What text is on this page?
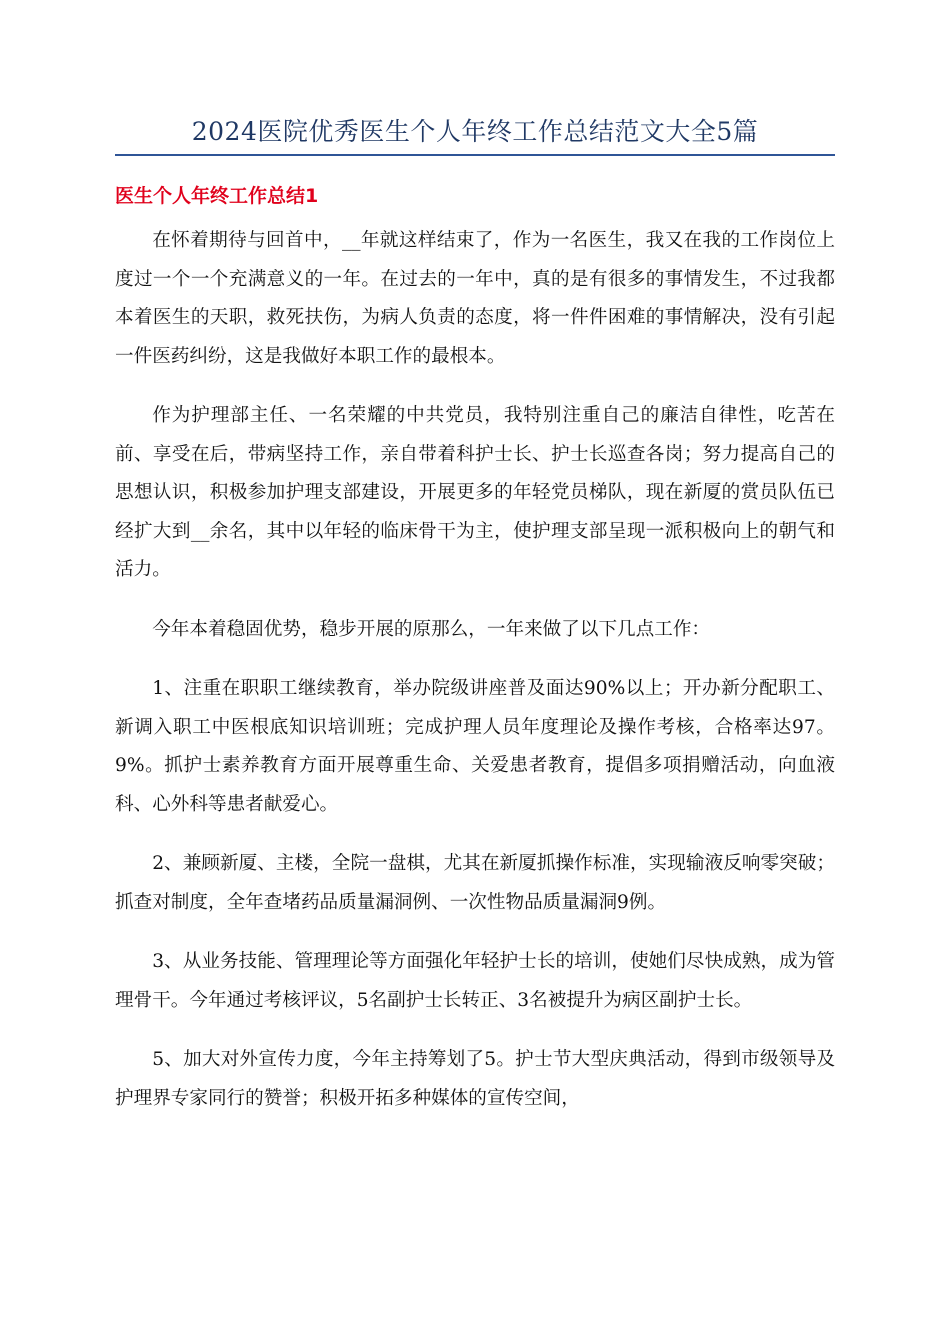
2024医院优秀医生个人年终工作总结范文大全5篇
医生个人年终工作总结1

在怀着期待与回首中，__年就这样结束了，作为一名医生，我又在我的工作岗位上度过一个一个充满意义的一年。在过去的一年中，真的是有很多的事情发生，不过我都本着医生的天职，救死扶伤，为病人负责的态度，将一件件困难的事情解决，没有引起一件医药纠纷，这是我做好本职工作的最根本。

作为护理部主任、一名荣耀的中共党员，我特别注重自己的廉洁自律性，吃苦在前、享受在后，带病坚持工作，亲自带着科护士长、护士长巡查各岗；努力提高自己的思想认识，积极参加护理支部建设，开展更多的年轻党员梯队，现在新厦的赏员队伍已经扩大到__余名，其中以年轻的临床骨干为主，使护理支部呈现一派积极向上的朝气和活力。

今年本着稳固优势，稳步开展的原那么，一年来做了以下几点工作：

1、注重在职职工继续教育，举办院级讲座普及面达90%以上；开办新分配职工、新调入职工中医根底知识培训班；完成护理人员年度理论及操作考核，合格率达97。9%。抓护士素养教育方面开展尊重生命、关爱患者教育，提倡多项捐赠活动，向血液科、心外科等患者献爱心。

2、兼顾新厦、主楼，全院一盘棋，尤其在新厦抓操作标准，实现输液反响零突破；抓查对制度，全年查堵药品质量漏洞例、一次性物品质量漏洞9例。

3、从业务技能、管理理论等方面强化年轻护士长的培训，使她们尽快成熟，成为管理骨干。今年通过考核评议，5名副护士长转正、3名被提升为病区副护士长。

5、加大对外宣传力度，今年主持筹划了5。护士节大型庆典活动，得到市级领导及护理界专家同行的赞誉；积极开拓多种媒体的宣传空间，
